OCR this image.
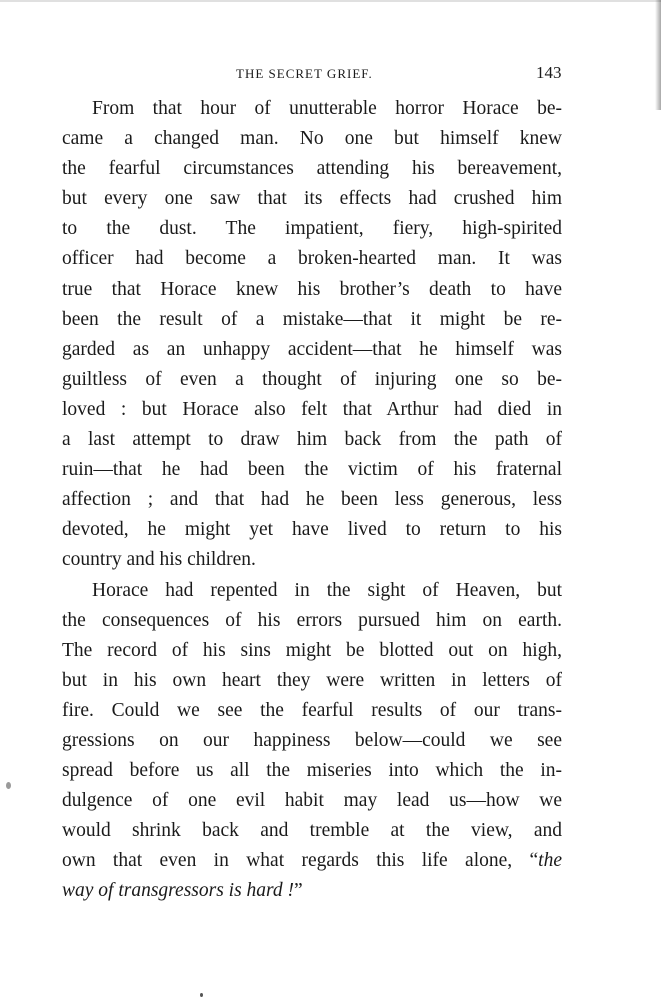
THE SECRET GRIEF.	143
From that hour of unutterable horror Horace be-
came a changed man. No one but himself knew
the fearful circumstances attending his bereavement,
but every one saw that its effects had crushed him
to the dust. The impatient, fiery, high-spirited
officer had become a broken-hearted man. It was
true that Horace knew his brother’s death to have
been the result of a mistake—that it might be re-
garded as an unhappy accident—that he himself was
guiltless of even a thought of injuring one so be-
loved : but Horace also felt that Arthur had died in
a last attempt to draw him back from the path of
ruin—that he had been the victim of his fraternal
affection ; and that had he been less generous, less
devoted, he might yet have lived to return to his
country and his children.
Horace had repented in the sight of Heaven, but
the consequences of his errors pursued him on earth.
The record of his sins might be blotted out on high,
but in his own heart they were written in letters of
fire. Could we see the fearful results of our trans-
gressions on our happiness below—could we see
spread before us all the miseries into which the in-
dulgence of one evil habit may lead us—how we
would shrink back and tremble at the view, and
own that even in what regards this life alone, “the
way of transgressors is hard !”
